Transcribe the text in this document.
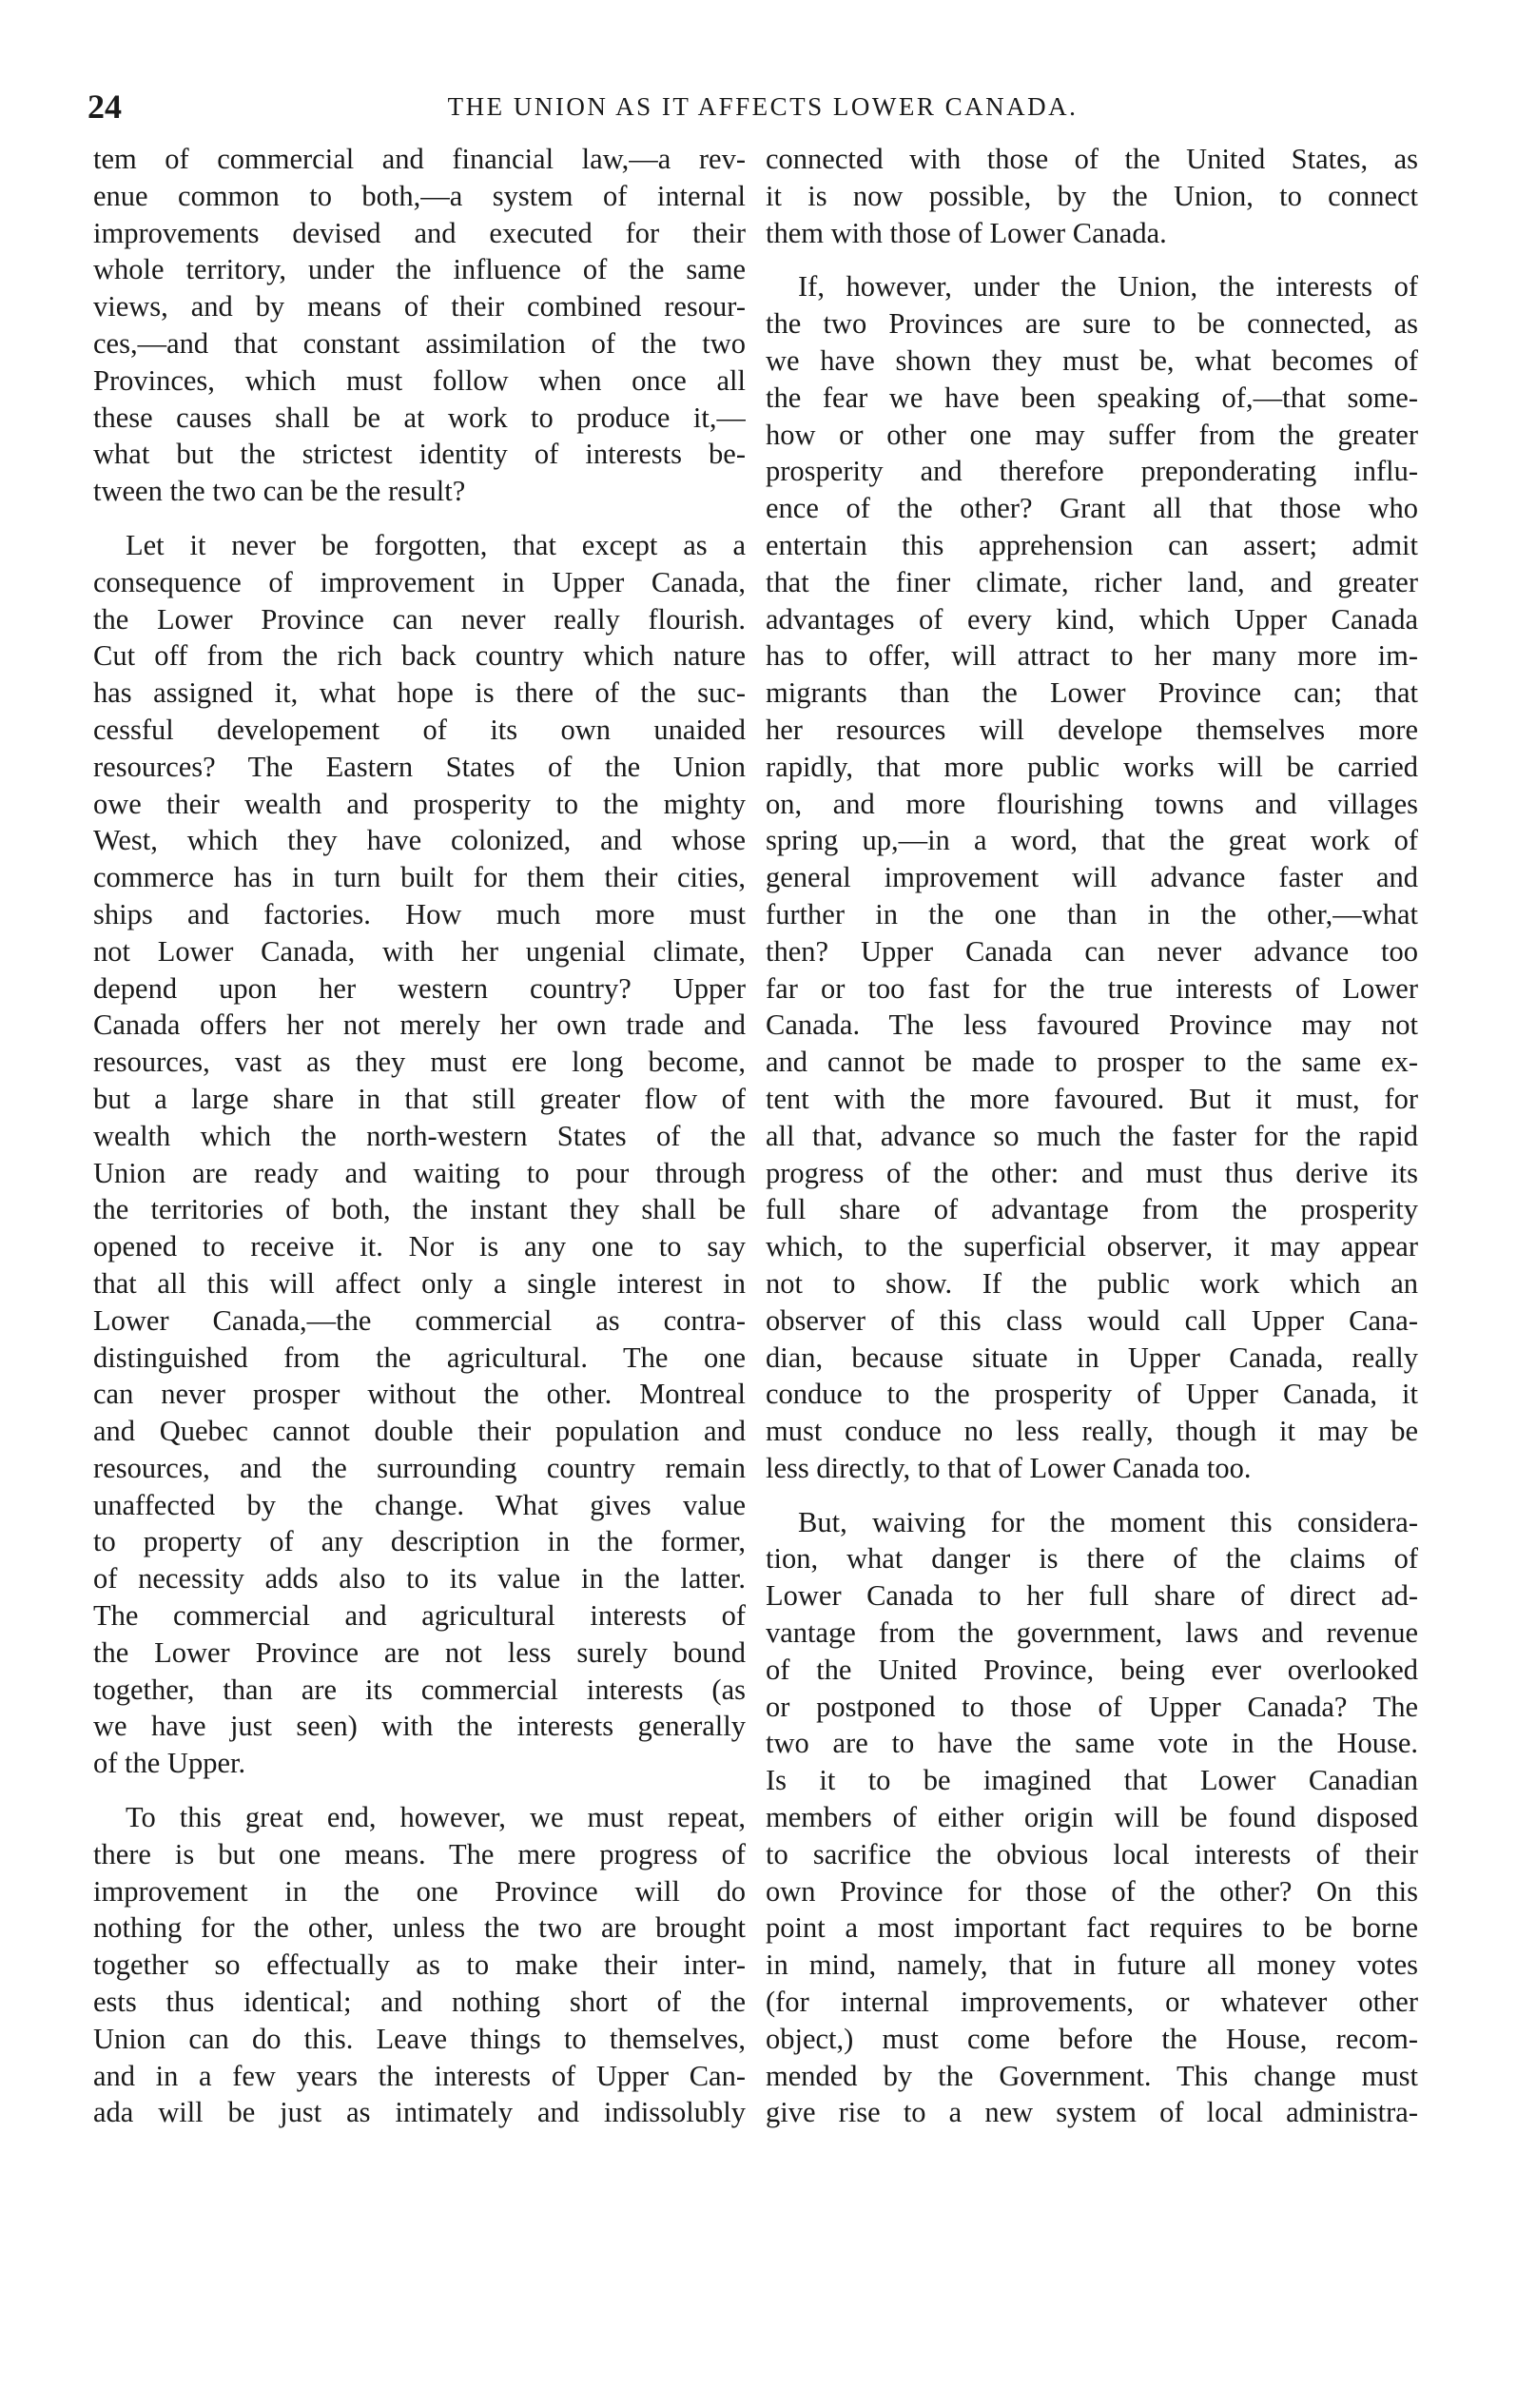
24	THE UNION AS IT AFFECTS LOWER CANADA.
tem of commercial and financial law,—a rev-
enue common to both,—a system of internal
improvements devised and executed for their
whole territory, under the influence of the same
views, and by means of their combined resour-
ces,—and that constant assimilation of the two
Provinces, which must follow when once all
these causes shall be at work to produce it,—
what but the strictest identity of interests be-
tween the two can be the result?
Let it never be forgotten, that except as a
consequence of improvement in Upper Canada,
the Lower Province can never really flourish.
Cut off from the rich back country which nature
has assigned it, what hope is there of the suc-
cessful developement of its own unaided
resources? The Eastern States of the Union
owe their wealth and prosperity to the mighty
West, which they have colonized, and whose
commerce has in turn built for them their cities,
ships and factories. How much more must
not Lower Canada, with her ungenial climate,
depend upon her western country? Upper
Canada offers her not merely her own trade and
resources, vast as they must ere long become,
but a large share in that still greater flow of
wealth which the north-western States of the
Union are ready and waiting to pour through
the territories of both, the instant they shall be
opened to receive it. Nor is any one to say
that all this will affect only a single interest in
Lower Canada,—the commercial as contra-
distinguished from the agricultural. The one
can never prosper without the other. Montreal
and Quebec cannot double their population and
resources, and the surrounding country remain
unaffected by the change. What gives value
to property of any description in the former,
of necessity adds also to its value in the latter.
The commercial and agricultural interests of
the Lower Province are not less surely bound
together, than are its commercial interests (as
we have just seen) with the interests generally
of the Upper.
To this great end, however, we must repeat,
there is but one means. The mere progress of
improvement in the one Province will do
nothing for the other, unless the two are brought
together so effectually as to make their inter-
ests thus identical; and nothing short of the
Union can do this. Leave things to themselves,
and in a few years the interests of Upper Can-
ada will be just as intimately and indissolubly
connected with those of the United States, as
it is now possible, by the Union, to connect
them with those of Lower Canada.
If, however, under the Union, the interests of
the two Provinces are sure to be connected, as
we have shown they must be, what becomes of
the fear we have been speaking of,—that some-
how or other one may suffer from the greater
prosperity and therefore preponderating influ-
ence of the other? Grant all that those who
entertain this apprehension can assert; admit
that the finer climate, richer land, and greater
advantages of every kind, which Upper Canada
has to offer, will attract to her many more im-
migrants than the Lower Province can; that
her resources will develope themselves more
rapidly, that more public works will be carried
on, and more flourishing towns and villages
spring up,—in a word, that the great work of
general improvement will advance faster and
further in the one than in the other,—what
then? Upper Canada can never advance too
far or too fast for the true interests of Lower
Canada. The less favoured Province may not
and cannot be made to prosper to the same ex-
tent with the more favoured. But it must, for
all that, advance so much the faster for the rapid
progress of the other: and must thus derive its
full share of advantage from the prosperity
which, to the superficial observer, it may appear
not to show. If the public work which an
observer of this class would call Upper Cana-
dian, because situate in Upper Canada, really
conduce to the prosperity of Upper Canada, it
must conduce no less really, though it may be
less directly, to that of Lower Canada too.
But, waiving for the moment this considera-
tion, what danger is there of the claims of
Lower Canada to her full share of direct ad-
vantage from the government, laws and revenue
of the United Province, being ever overlooked
or postponed to those of Upper Canada? The
two are to have the same vote in the House.
Is it to be imagined that Lower Canadian
members of either origin will be found disposed
to sacrifice the obvious local interests of their
own Province for those of the other? On this
point a most important fact requires to be borne
in mind, namely, that in future all money votes
(for internal improvements, or whatever other
object,) must come before the House, recom-
mended by the Government. This change must
give rise to a new system of local administra-
